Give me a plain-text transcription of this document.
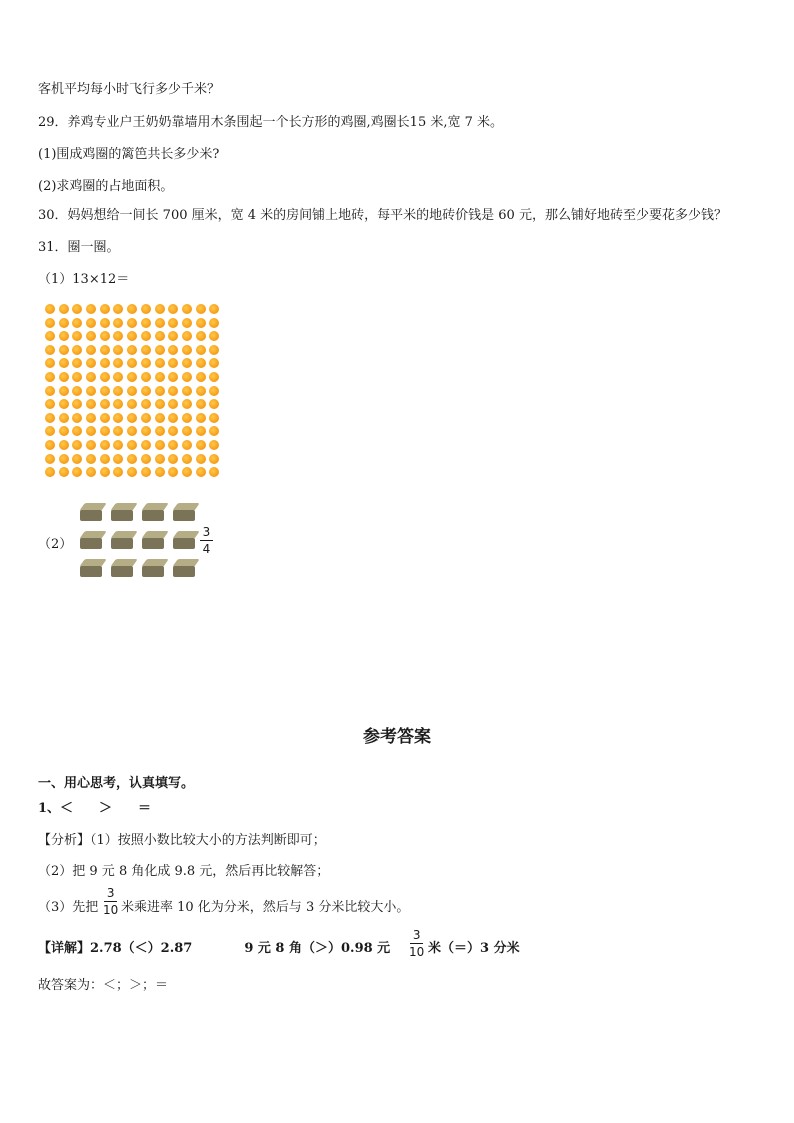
客机平均每小时飞行多少千米？
29．养鸡专业户王奶奶靠墙用木条围起一个长方形的鸡圈,鸡圈长15 米,宽 7 米。
(1)围成鸡圈的篱笆共长多少米?
(2)求鸡圈的占地面积。
30．妈妈想给一间长 700 厘米，宽 4 米的房间铺上地砖，每平米的地砖价钱是 60 元，那么铺好地砖至少要花多少钱？
31．圈一圈。
（1）13×12＝
（2）
3
4
参考答案
一、用心思考，认真填写。
1、＜　　＞　　＝
【分析】（1）按照小数比较大小的方法判断即可；
（2）把 9 元 8 角化成 9.8 元，然后再比较解答；
（3）先把
3
10 米乘进率 10 化为分米，然后与 3 分米比较大小。
【详解】2.78（＜）2.87　　　　9 元 8 角（＞）0.98 元
3
10 米（＝）3 分米
故答案为：＜；＞；＝
